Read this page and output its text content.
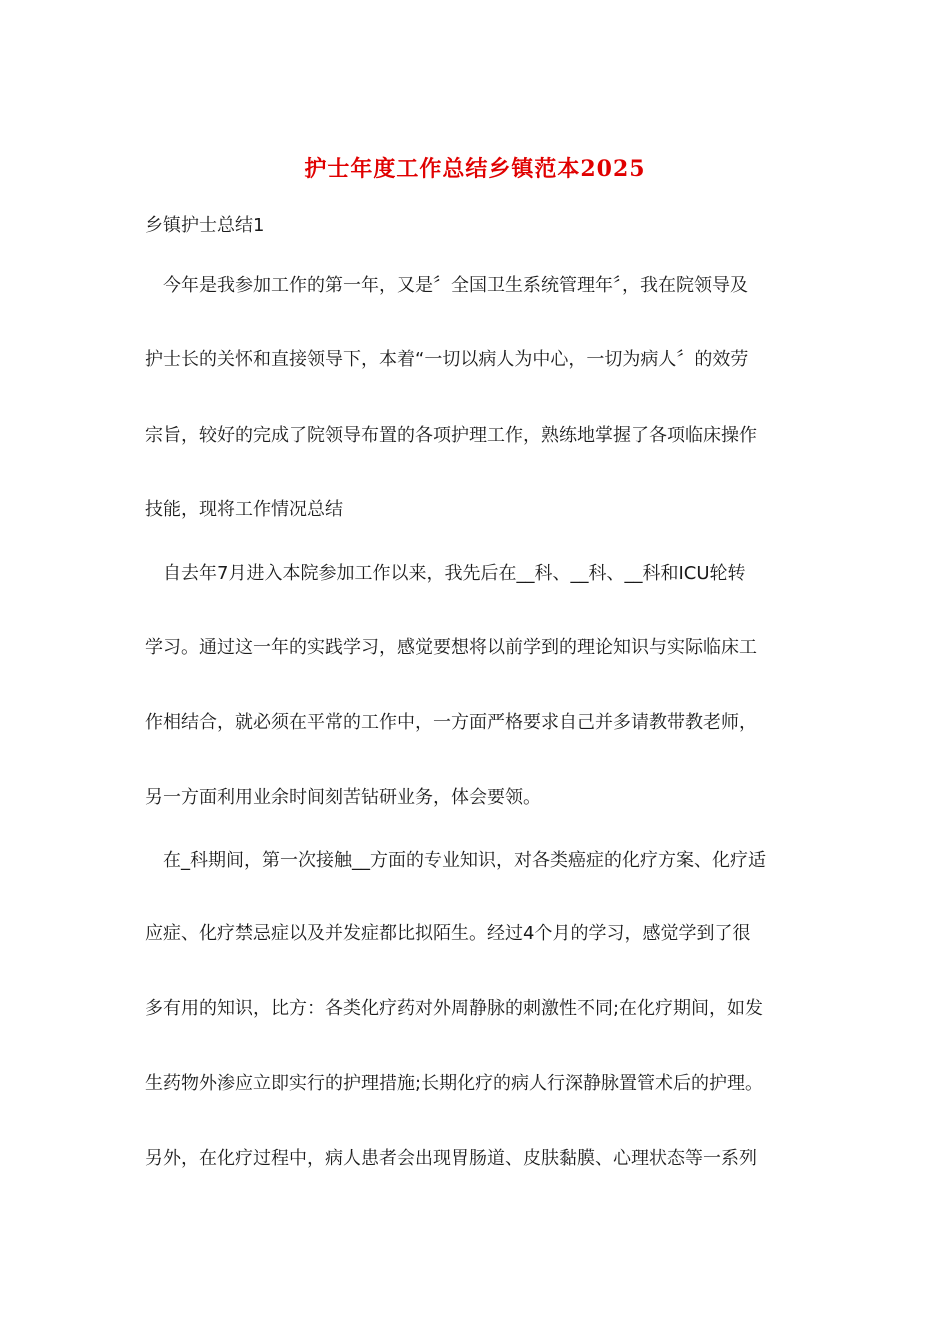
护士年度工作总结乡镇范本2025
乡镇护士总结1
今年是我参加工作的第一年，又是〞全国卫生系统管理年〞，我在院领导及
护士长的关怀和直接领导下，本着“一切以病人为中心，一切为病人〞的效劳
宗旨，较好的完成了院领导布置的各项护理工作，熟练地掌握了各项临床操作
技能，现将工作情况总结
自去年7月进入本院参加工作以来，我先后在__科、__科、__科和ICU轮转
学习。通过这一年的实践学习，感觉要想将以前学到的理论知识与实际临床工
作相结合，就必须在平常的工作中，一方面严格要求自己并多请教带教老师，
另一方面利用业余时间刻苦钻研业务，体会要领。
在_科期间，第一次接触__方面的专业知识，对各类癌症的化疗方案、化疗适
应症、化疗禁忌症以及并发症都比拟陌生。经过4个月的学习，感觉学到了很
多有用的知识，比方：各类化疗药对外周静脉的刺激性不同;在化疗期间，如发
生药物外渗应立即实行的护理措施;长期化疗的病人行深静脉置管术后的护理。
另外，在化疗过程中，病人患者会出现胃肠道、皮肤黏膜、心理状态等一系列
